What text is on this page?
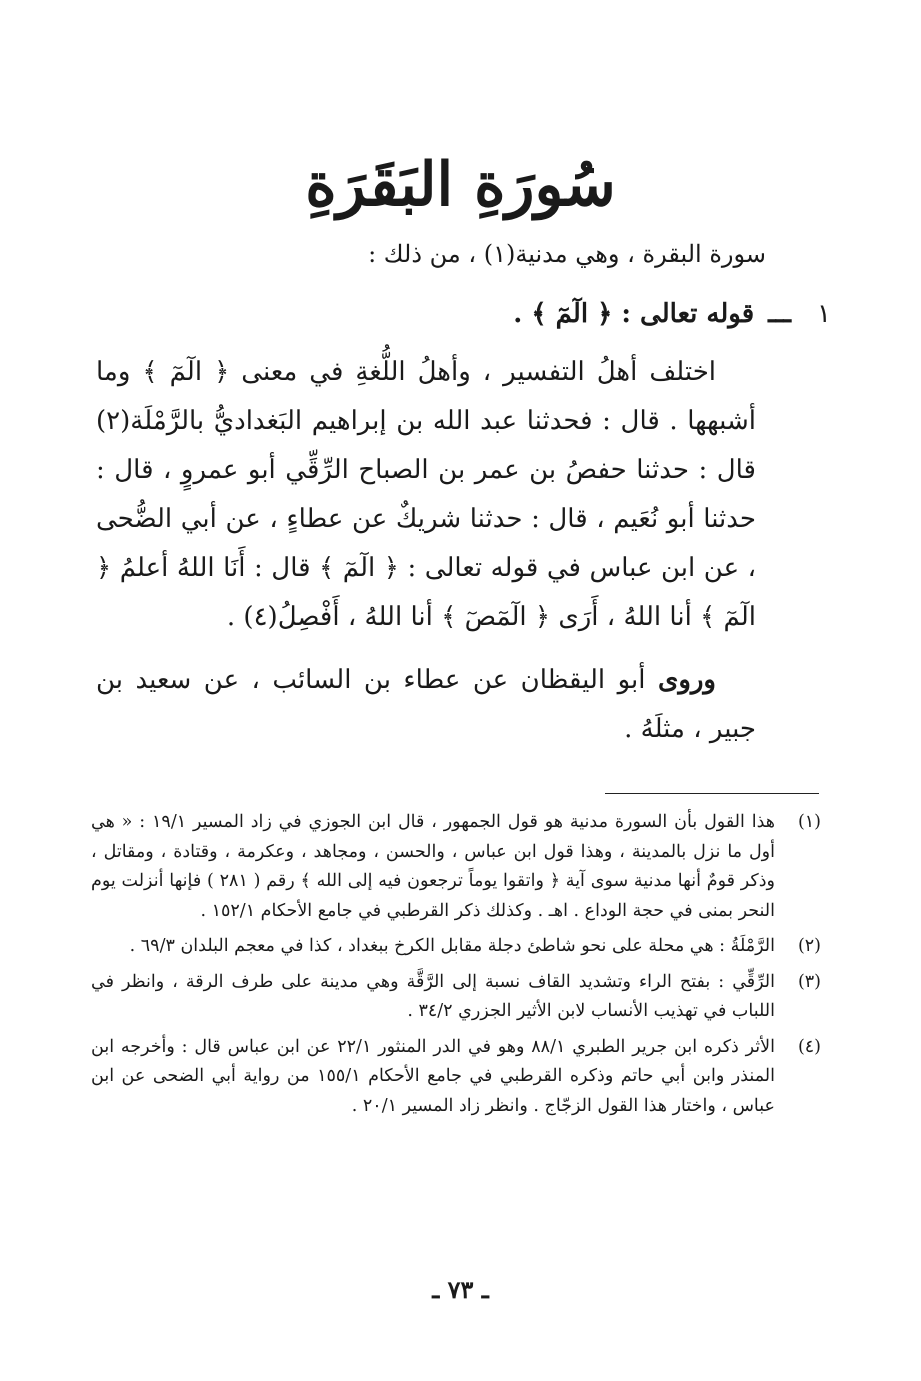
سُورَةِ البَقَرَةِ
سورة البقرة ، وهي مدنية(١) ، من ذلك :
١ـــقوله تعالى : ﴿ الٓمٓ ﴾ .
اختلف أهلُ التفسير ، وأهلُ اللُّغةِ في معنى ﴿ الٓمٓ ﴾ وما أشبهها . قال : فحدثنا عبد الله بن إبراهيم البَغداديُّ بالرَّمْلَة(٢) قال : حدثنا حفصُ بن عمر بن الصباح الرِّقِّي أبو عمروٍ ، قال : حدثنا أبو نُعَيم ، قال : حدثنا شريكٌ عن عطاءٍ ، عن أبي الضُّحى ، عن ابن عباس في قوله تعالى : ﴿ الٓمٓ ﴾ قال : أَنَا اللهُ أعلمُ ﴿ الٓمٓ ﴾ أنا اللهُ ، أَرَى ﴿ الٓمٓصٓ ﴾ أنا اللهُ ، أَفْصِلُ(٤) .
وروى أبو اليقظان عن عطاء بن السائب ، عن سعيد بن جبير ، مثلَهُ .
(١)
هذا القول بأن السورة مدنية هو قول الجمهور ، قال ابن الجوزي في زاد المسير ١٩/١ : « هي أول ما نزل بالمدينة ، وهذا قول ابن عباس ، والحسن ، ومجاهد ، وعكرمة ، وقتادة ، ومقاتل ، وذكر قومٌ أنها مدنية سوى آية ﴿ واتقوا يوماً ترجعون فيه إلى الله ﴾ رقم ( ٢٨١ ) فإنها أنزلت يوم النحر بمنى في حجة الوداع . اهـ . وكذلك ذكر القرطبي في جامع الأحكام ١٥٢/١ .
(٢)
الرَّمْلَةُ : هي محلة على نحو شاطئ دجلة مقابل الكرخ ببغداد ، كذا في معجم البلدان ٦٩/٣ .
(٣)
الرِّقِّي : بفتح الراء وتشديد القاف نسبة إلى الرَّقَّة وهي مدينة على طرف الرقة ، وانظر في اللباب في تهذيب الأنساب لابن الأثير الجزري ٣٤/٢ .
(٤)
الأثر ذكره ابن جرير الطبري ٨٨/١ وهو في الدر المنثور ٢٢/١ عن ابن عباس قال : وأخرجه ابن المنذر وابن أبي حاتم وذكره القرطبي في جامع الأحكام ١٥٥/١ من رواية أبي الضحى عن ابن عباس ، واختار هذا القول الزجّاج . وانظر زاد المسير ٢٠/١ .
ـ ٧٣ ـ
